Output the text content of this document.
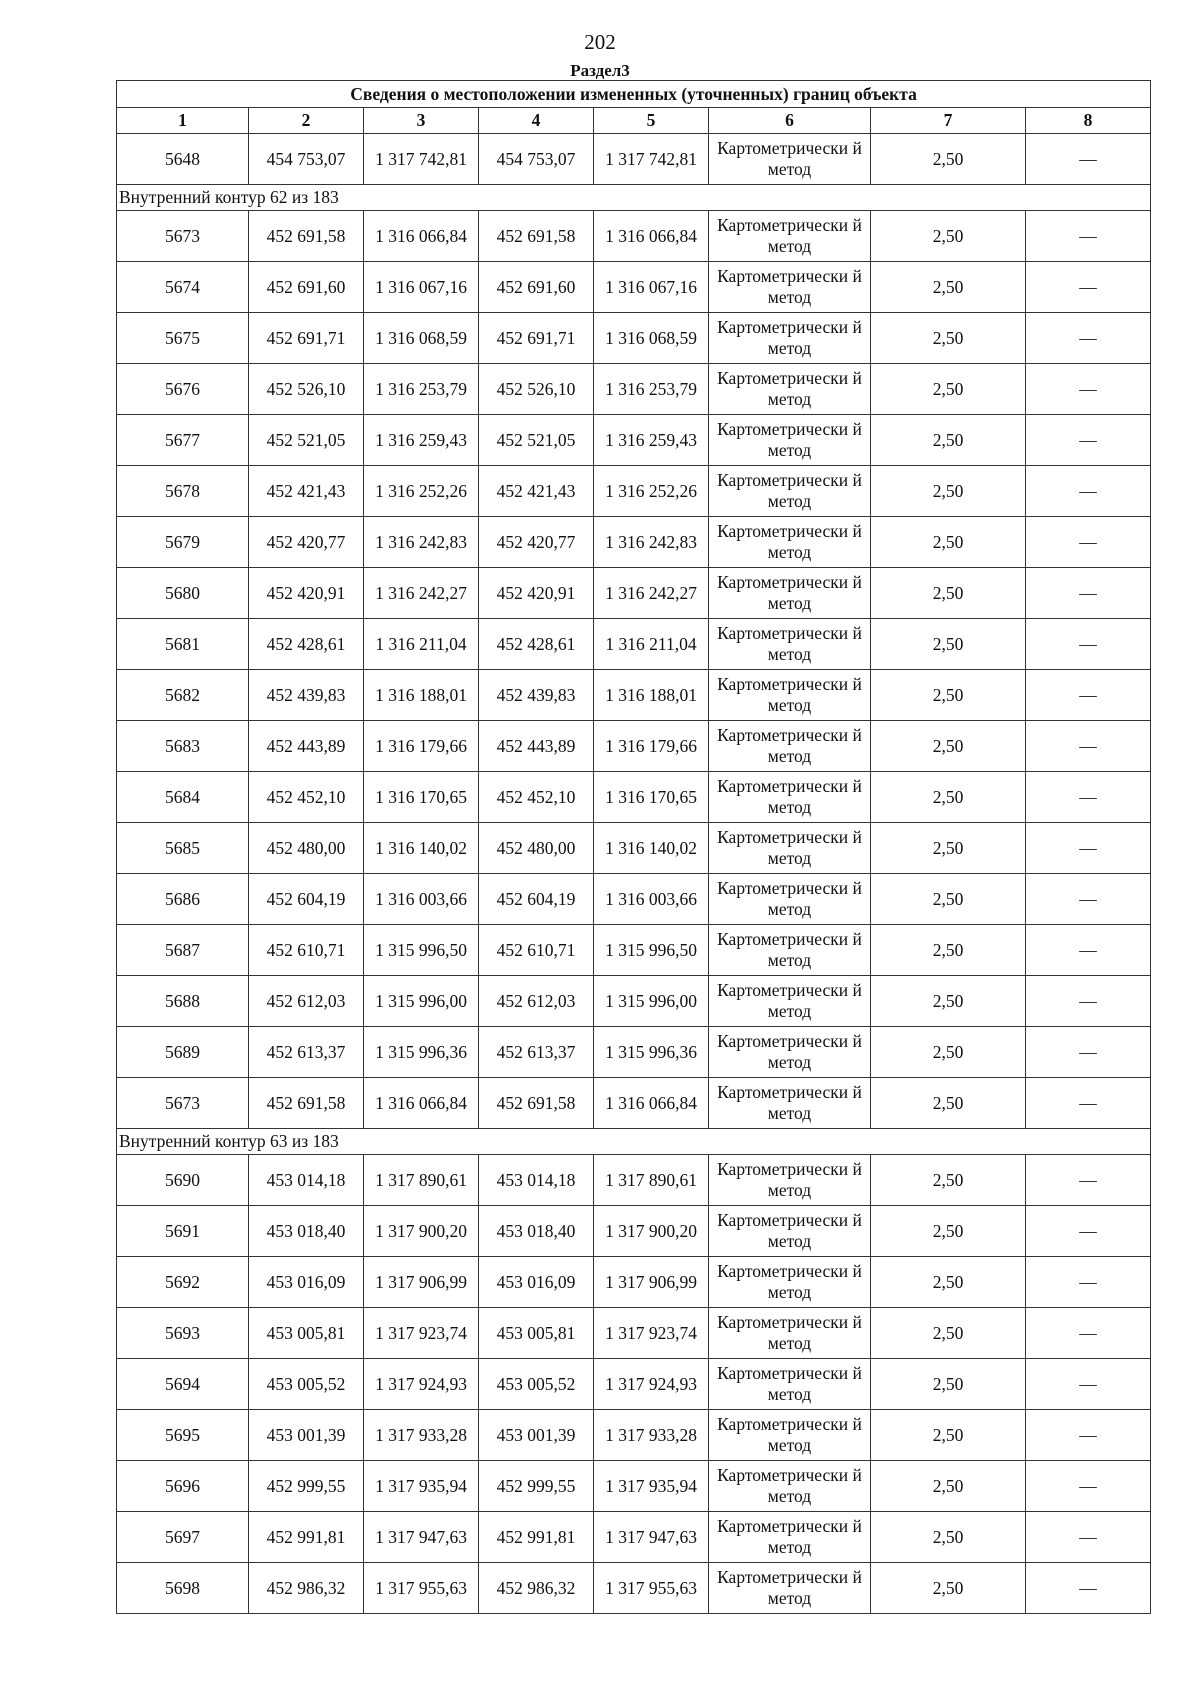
202
Раздел3
Сведения о местоположении измененных (уточненных) границ объекта							
1	2	3	4	5	6	7	8
5648	454 753,07	1 317 742,81	454 753,07	1 317 742,81	Картометрически й метод	2,50	—
Внутренний контур 62 из 183							
5673	452 691,58	1 316 066,84	452 691,58	1 316 066,84	Картометрически й метод	2,50	—
5674	452 691,60	1 316 067,16	452 691,60	1 316 067,16	Картометрически й метод	2,50	—
5675	452 691,71	1 316 068,59	452 691,71	1 316 068,59	Картометрически й метод	2,50	—
5676	452 526,10	1 316 253,79	452 526,10	1 316 253,79	Картометрически й метод	2,50	—
5677	452 521,05	1 316 259,43	452 521,05	1 316 259,43	Картометрически й метод	2,50	—
5678	452 421,43	1 316 252,26	452 421,43	1 316 252,26	Картометрически й метод	2,50	—
5679	452 420,77	1 316 242,83	452 420,77	1 316 242,83	Картометрически й метод	2,50	—
5680	452 420,91	1 316 242,27	452 420,91	1 316 242,27	Картометрически й метод	2,50	—
5681	452 428,61	1 316 211,04	452 428,61	1 316 211,04	Картометрически й метод	2,50	—
5682	452 439,83	1 316 188,01	452 439,83	1 316 188,01	Картометрически й метод	2,50	—
5683	452 443,89	1 316 179,66	452 443,89	1 316 179,66	Картометрически й метод	2,50	—
5684	452 452,10	1 316 170,65	452 452,10	1 316 170,65	Картометрически й метод	2,50	—
5685	452 480,00	1 316 140,02	452 480,00	1 316 140,02	Картометрически й метод	2,50	—
5686	452 604,19	1 316 003,66	452 604,19	1 316 003,66	Картометрически й метод	2,50	—
5687	452 610,71	1 315 996,50	452 610,71	1 315 996,50	Картометрически й метод	2,50	—
5688	452 612,03	1 315 996,00	452 612,03	1 315 996,00	Картометрически й метод	2,50	—
5689	452 613,37	1 315 996,36	452 613,37	1 315 996,36	Картометрически й метод	2,50	—
5673	452 691,58	1 316 066,84	452 691,58	1 316 066,84	Картометрически й метод	2,50	—
Внутренний контур 63 из 183							
5690	453 014,18	1 317 890,61	453 014,18	1 317 890,61	Картометрически й метод	2,50	—
5691	453 018,40	1 317 900,20	453 018,40	1 317 900,20	Картометрически й метод	2,50	—
5692	453 016,09	1 317 906,99	453 016,09	1 317 906,99	Картометрически й метод	2,50	—
5693	453 005,81	1 317 923,74	453 005,81	1 317 923,74	Картометрически й метод	2,50	—
5694	453 005,52	1 317 924,93	453 005,52	1 317 924,93	Картометрически й метод	2,50	—
5695	453 001,39	1 317 933,28	453 001,39	1 317 933,28	Картометрически й метод	2,50	—
5696	452 999,55	1 317 935,94	452 999,55	1 317 935,94	Картометрически й метод	2,50	—
5697	452 991,81	1 317 947,63	452 991,81	1 317 947,63	Картометрически й метод	2,50	—
5698	452 986,32	1 317 955,63	452 986,32	1 317 955,63	Картометрически й метод	2,50	—
